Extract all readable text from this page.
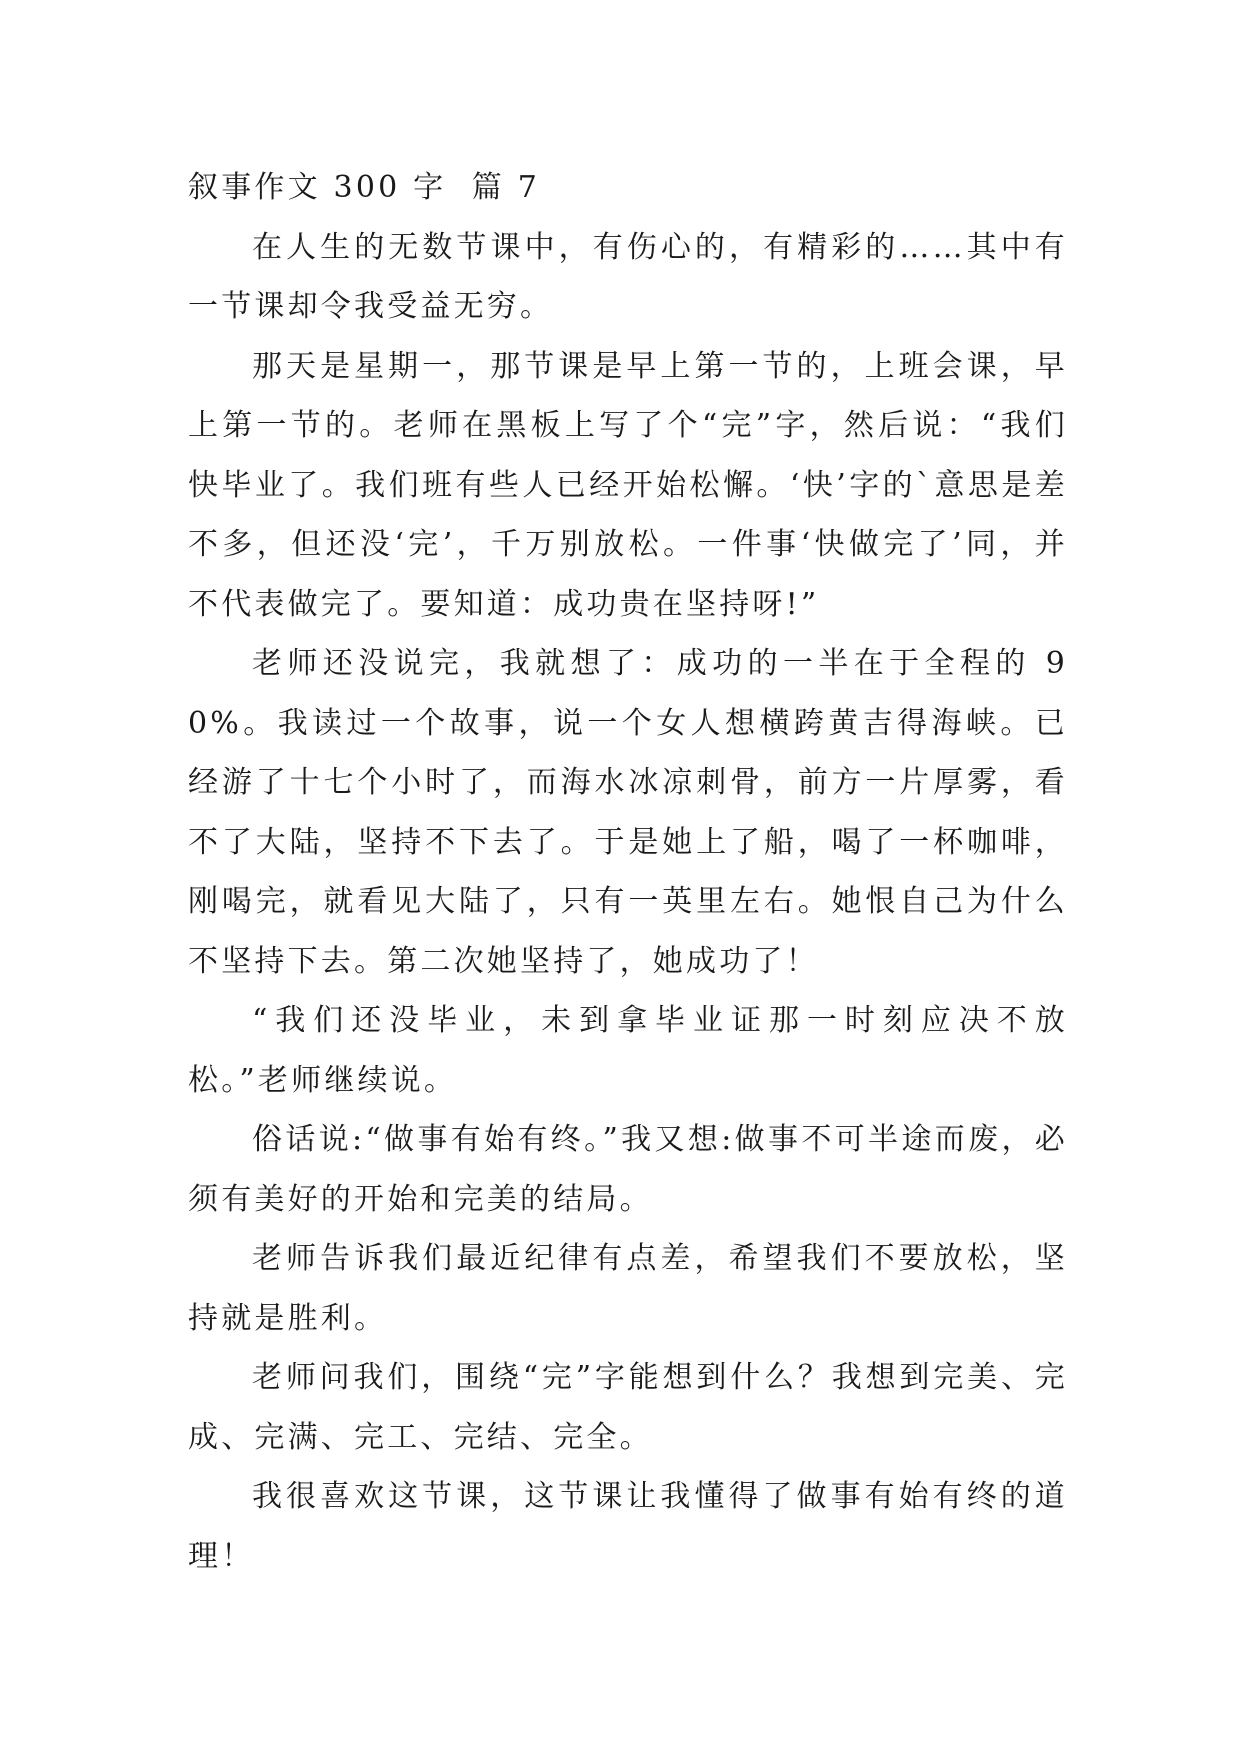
叙事作文 300 字  篇 7

在人生的无数节课中，有伤心的，有精彩的……其中有一节课却令我受益无穷。

那天是星期一，那节课是早上第一节的，上班会课，早上第一节的。老师在黑板上写了个“完”字，然后说：“我们快毕业了。我们班有些人已经开始松懈。‘快’字的`意思是差不多，但还没‘完’，千万别放松。一件事‘快做完了’同，并不代表做完了。要知道：成功贵在坚持呀!”

老师还没说完，我就想了：成功的一半在于全程的 90%。我读过一个故事，说一个女人想横跨黄吉得海峡。已经游了十七个小时了，而海水冰凉刺骨，前方一片厚雾，看不了大陆，坚持不下去了。于是她上了船，喝了一杯咖啡，刚喝完，就看见大陆了，只有一英里左右。她恨自己为什么不坚持下去。第二次她坚持了，她成功了！

“我们还没毕业，未到拿毕业证那一时刻应决不放松。”老师继续说。

俗话说:“做事有始有终。”我又想:做事不可半途而废，必须有美好的开始和完美的结局。

老师告诉我们最近纪律有点差，希望我们不要放松，坚持就是胜利。

老师问我们，围绕“完”字能想到什么？我想到完美、完成、完满、完工、完结、完全。

我很喜欢这节课，这节课让我懂得了做事有始有终的道理！
